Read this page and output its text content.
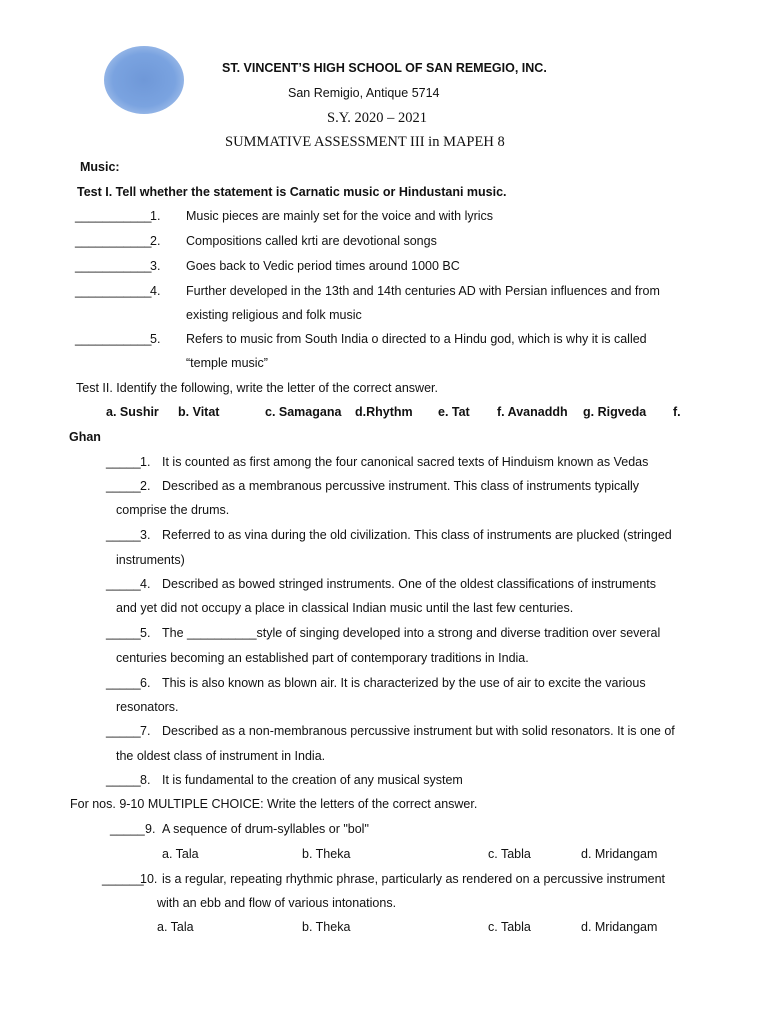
ST. VINCENT’S HIGH SCHOOL OF SAN REMEGIO, INC.
San Remigio, Antique 5714
S.Y. 2020 – 2021
SUMMATIVE ASSESSMENT III in MAPEH 8
Music:
Test I. Tell whether the statement is Carnatic music or Hindustani music.
___________
1. Music pieces are mainly set for the voice and with lyrics
___________
2. Compositions called krti are devotional songs
___________
3. Goes back to Vedic period times around 1000 BC
___________
4. Further developed in the 13th and 14th centuries AD with Persian influences and from
existing religious and folk music
___________
5. Refers to music from South India o directed to a Hindu god, which is why it is called
“temple music”
Test II. Identify the following, write the letter of the correct answer.
a. Sushir b. Vitat	c. Samagana d.Rhythm e. Tat f. Avanaddh g. Rigveda f.
Ghan
_____ 1. It is counted as first among the four canonical sacred texts of Hinduism known as Vedas
_____ 2. Described as a membranous percussive instrument. This class of instruments typically
comprise the drums.
_____ 3. Referred to as vina during the old civilization. This class of instruments are plucked (stringed
instruments)
_____ 4. Described as bowed stringed instruments. One of the oldest classifications of instruments
and yet did not occupy a place in classical Indian music until the last few centuries.
_____ 5. The __________style of singing developed into a strong and diverse tradition over several
centuries becoming an established part of contemporary traditions in India.
_____ 6. This is also known as blown air. It is characterized by the use of air to excite the various
resonators.
_____ 7. Described as a non-membranous percussive instrument but with solid resonators. It is one of
the oldest class of instrument in India.
_____ 8. It is fundamental to the creation of any musical system
For nos. 9-10 MULTIPLE CHOICE: Write the letters of the correct answer.
_____ 9. A sequence of drum-syllables or "bol"
a. Tala	b. Theka	c. Tabla	d. Mridangam
______
10. is a regular, repeating rhythmic phrase, particularly as rendered on a percussive instrument
with an ebb and flow of various intonations.
a. Tala	b. Theka	c. Tabla	d. Mridangam
